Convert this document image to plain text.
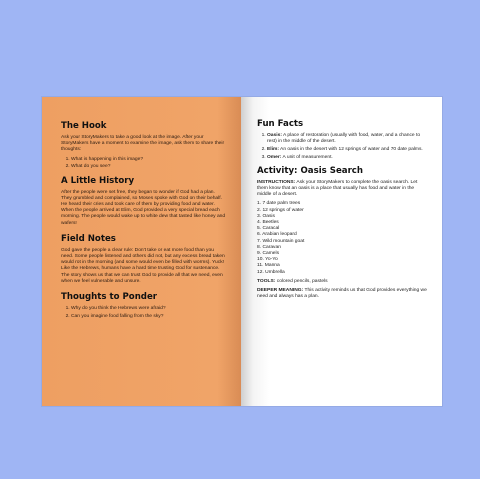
The Hook

Ask your StoryMakers to take a good look at the image. After your StoryMakers have a moment to examine the image, ask them to share their thoughts:

1. What is happening in this image?
2. What do you see?
A Little History

After the people were set free, they began to wonder if God had a plan. They grumbled and complained, so Moses spoke with God on their behalf. He heard their cries and took care of them by providing food and water. When the people arrived at Elim, God provided a very special bread each morning. The people would wake up to white dew that tasted like honey and wafers!

Field Notes

God gave the people a clear rule: Don't take or eat more food than you need. Some people listened and others did not, but any excess bread taken would rot in the morning (and some would even be filled with worms). Yuck! Like the Hebrews, humans have a hard time trusting God for sustenance. The story shows us that we can trust God to provide all that we need, even when we feel vulnerable and unsure.

Thoughts to Ponder
1. Why do you think the Hebrews were afraid?
2. Can you imagine food falling from the sky?
Fun Facts
1. Oasis: A place of restoration (usually with food, water, and a chance to rest) in the middle of the desert.
2. Elim: An oasis in the desert with 12 springs of water and 70 date palms.
3. Omer: A unit of measurement.
Activity: Oasis Search

INSTRUCTIONS: Ask your StoryMakers to complete the oasis search. Let them know that an oasis is a place that usually has food and water in the middle of a desert.

1. 7 date palm trees
2. 12 springs of water
3. Oasis
4. Beetles
5. Caracal
6. Arabian leopard
7. Wild mountain goat
8. Caravan
9. Camels
10. Yo-Yo
11. Manna
12. Umbrella

TOOLS: colored pencils, pastels

DEEPER MEANING: This activity reminds us that God provides everything we need and always has a plan.
